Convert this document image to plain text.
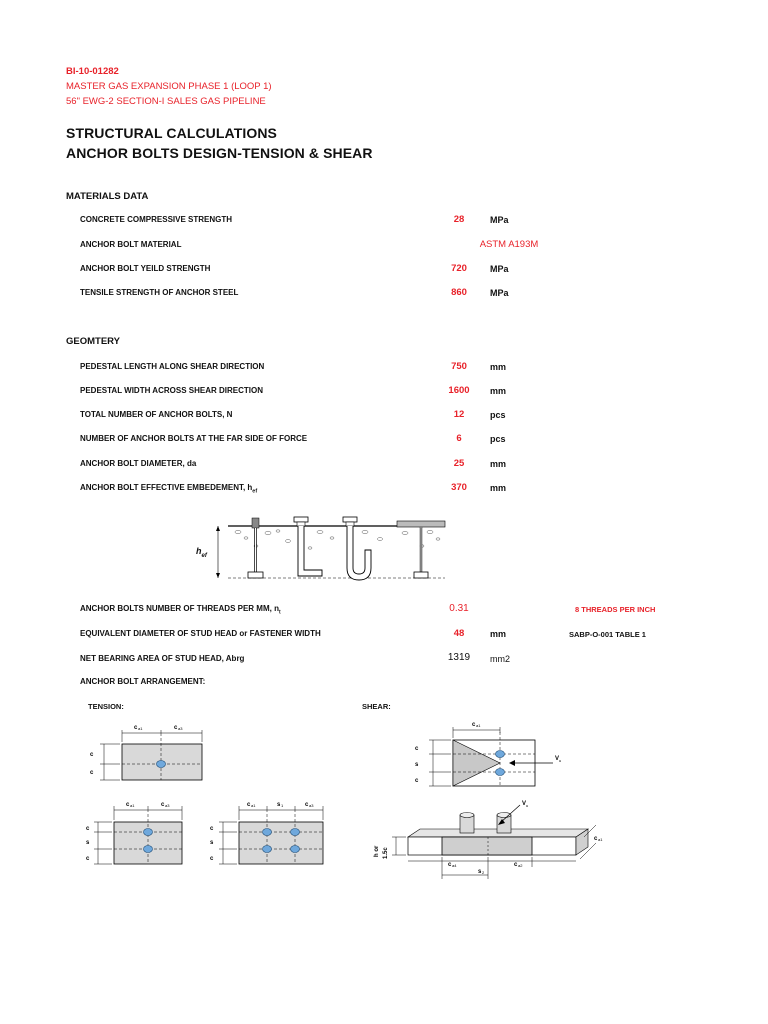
BI-10-01282
MASTER GAS EXPANSION PHASE 1 (LOOP 1)
56" EWG-2 SECTION-I SALES GAS PIPELINE
STRUCTURAL CALCULATIONS
ANCHOR BOLTS DESIGN-TENSION & SHEAR
MATERIALS DATA
CONCRETE COMPRESSIVE STRENGTH	28	MPa
ANCHOR BOLT MATERIAL	ASTM A193M
ANCHOR BOLT YEILD STRENGTH	720	MPa
TENSILE STRENGTH OF ANCHOR STEEL	860	MPa
GEOMTERY
PEDESTAL LENGTH ALONG SHEAR DIRECTION	750	mm
PEDESTAL WIDTH ACROSS SHEAR DIRECTION	1600	mm
TOTAL NUMBER OF ANCHOR BOLTS, N	12	pcs
NUMBER OF ANCHOR BOLTS AT THE FAR SIDE OF FORCE	6	pcs
ANCHOR BOLT DIAMETER, da	25	mm
ANCHOR BOLT EFFECTIVE EMBEDEMENT, $h_{ef}$	370	mm
$h_{ef}$
ANCHOR BOLTS NUMBER OF THREADS PER MM, $n_t$	0.31	8 THREADS PER INCH
EQUIVALENT DIAMETER OF STUD HEAD or FASTENER WIDTH	48	mm	SABP-O-001 TABLE 1
NET BEARING AREA OF STUD HEAD, Abrg	1319	mm2
ANCHOR BOLT ARRANGEMENT:
TENSION:	SHEAR:
c a1	c a3
c
c
c a1
V u
c
s
c
c a1	c a3
c
s
c
c a1	s 1	c a3
c
s
c
V u
c a1
c a4	c a2
s 2
h or 1.5c
